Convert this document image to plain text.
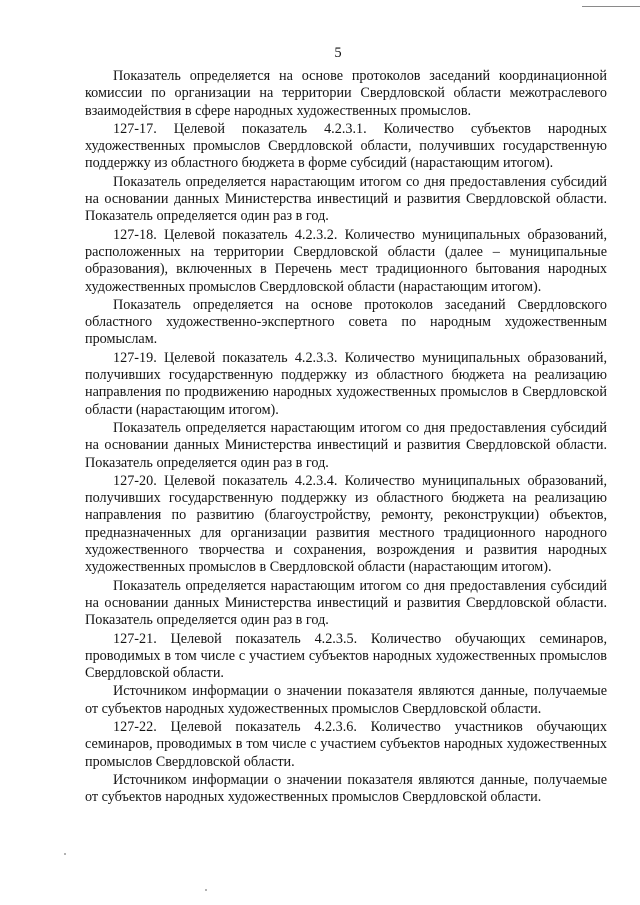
5

Показатель определяется на основе протоколов заседаний координационной комиссии по организации на территории Свердловской области межотраслевого взаимодействия в сфере народных художественных промыслов.

127-17. Целевой показатель 4.2.3.1. Количество субъектов народных художественных промыслов Свердловской области, получивших государственную поддержку из областного бюджета в форме субсидий (нарастающим итогом).

Показатель определяется нарастающим итогом со дня предоставления субсидий на основании данных Министерства инвестиций и развития Свердловской области. Показатель определяется один раз в год.

127-18. Целевой показатель 4.2.3.2. Количество муниципальных образований, расположенных на территории Свердловской области (далее – муниципальные образования), включенных в Перечень мест традиционного бытования народных художественных промыслов Свердловской области (нарастающим итогом).

Показатель определяется на основе протоколов заседаний Свердловского областного художественно-экспертного совета по народным художественным промыслам.

127-19. Целевой показатель 4.2.3.3. Количество муниципальных образований, получивших государственную поддержку из областного бюджета на реализацию направления по продвижению народных художественных промыслов в Свердловской области (нарастающим итогом).

Показатель определяется нарастающим итогом со дня предоставления субсидий на основании данных Министерства инвестиций и развития Свердловской области. Показатель определяется один раз в год.

127-20. Целевой показатель 4.2.3.4. Количество муниципальных образований, получивших государственную поддержку из областного бюджета на реализацию направления по развитию (благоустройству, ремонту, реконструкции) объектов, предназначенных для организации развития местного традиционного народного художественного творчества и сохранения, возрождения и развития народных художественных промыслов в Свердловской области (нарастающим итогом).

Показатель определяется нарастающим итогом со дня предоставления субсидий на основании данных Министерства инвестиций и развития Свердловской области. Показатель определяется один раз в год.

127-21. Целевой показатель 4.2.3.5. Количество обучающих семинаров, проводимых в том числе с участием субъектов народных художественных промыслов Свердловской области.

Источником информации о значении показателя являются данные, получаемые от субъектов народных художественных промыслов Свердловской области.

127-22. Целевой показатель 4.2.3.6. Количество участников обучающих семинаров, проводимых в том числе с участием субъектов народных художественных промыслов Свердловской области.

Источником информации о значении показателя являются данные, получаемые от субъектов народных художественных промыслов Свердловской области.
